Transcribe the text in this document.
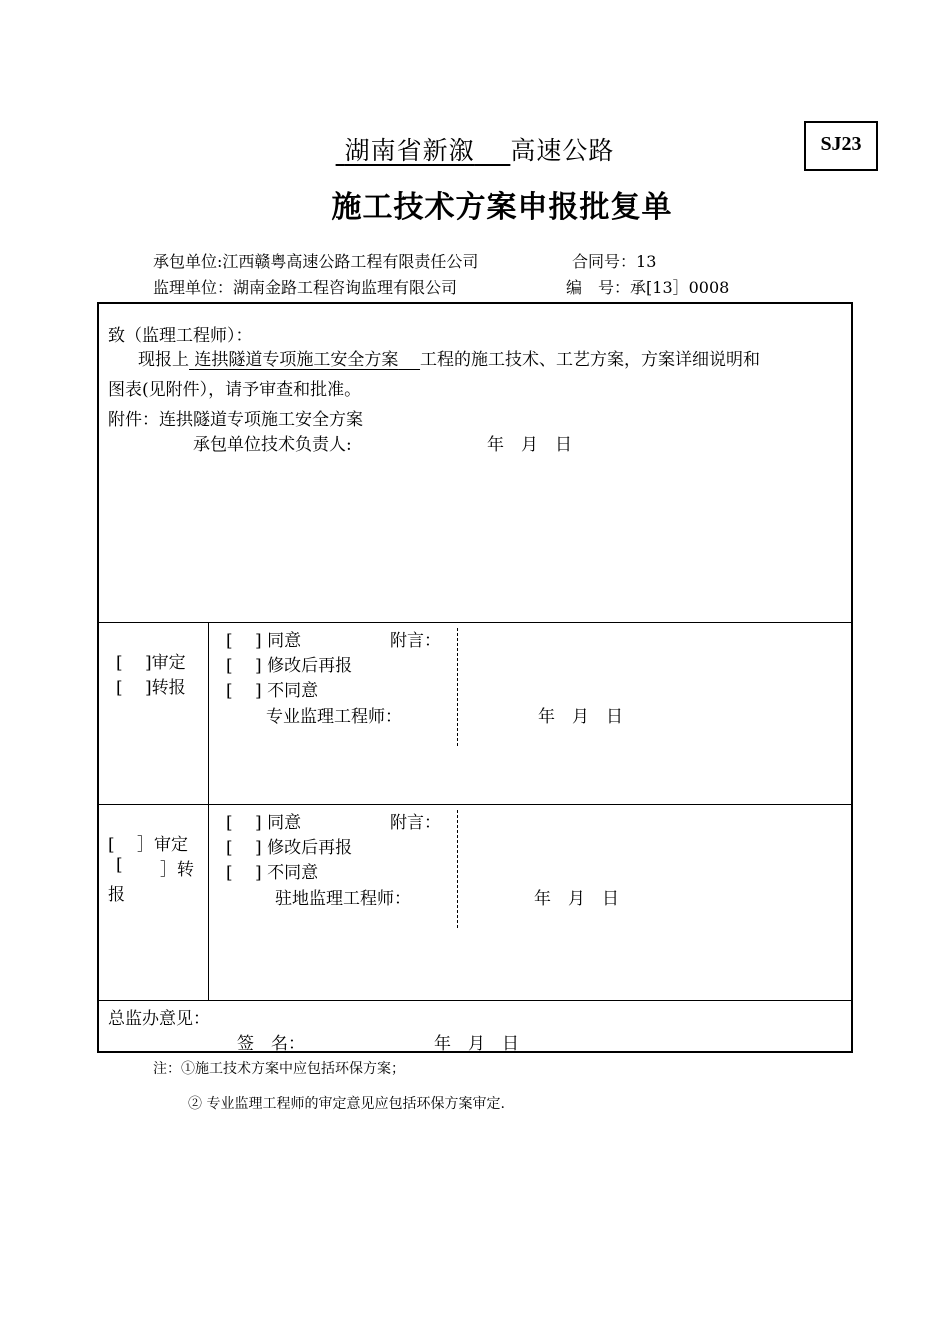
SJ23
湖南省新溆 高速公路
施工技术方案申报批复单
承包单位:江西赣粤高速公路工程有限责任公司	合同号：13
监理单位：湖南金路工程咨询监理有限公司	编　号：承[13］0008
致（监理工程师）：
现报上 连拱隧道专项施工安全方案 工程的施工技术、工艺方案，方案详细说明和
图表(见附件），请予审查和批准。
附件：连拱隧道专项施工安全方案
承包单位技术负责人:	年　月　日
[　 ]审定
[　 ]转报
[　 ] 同意	附言：
[　 ] 修改后再报
[　 ] 不同意
专业监理工程师：	年　月　日
[　 ］审定
[ ］转
报
[　 ] 同意	附言：
[　 ] 修改后再报
[　 ] 不同意
驻地监理工程师：	年　月　日
总监办意见：
签　名：	年　月　日
注：①施工技术方案中应包括环保方案；
② 专业监理工程师的审定意见应包括环保方案审定.
